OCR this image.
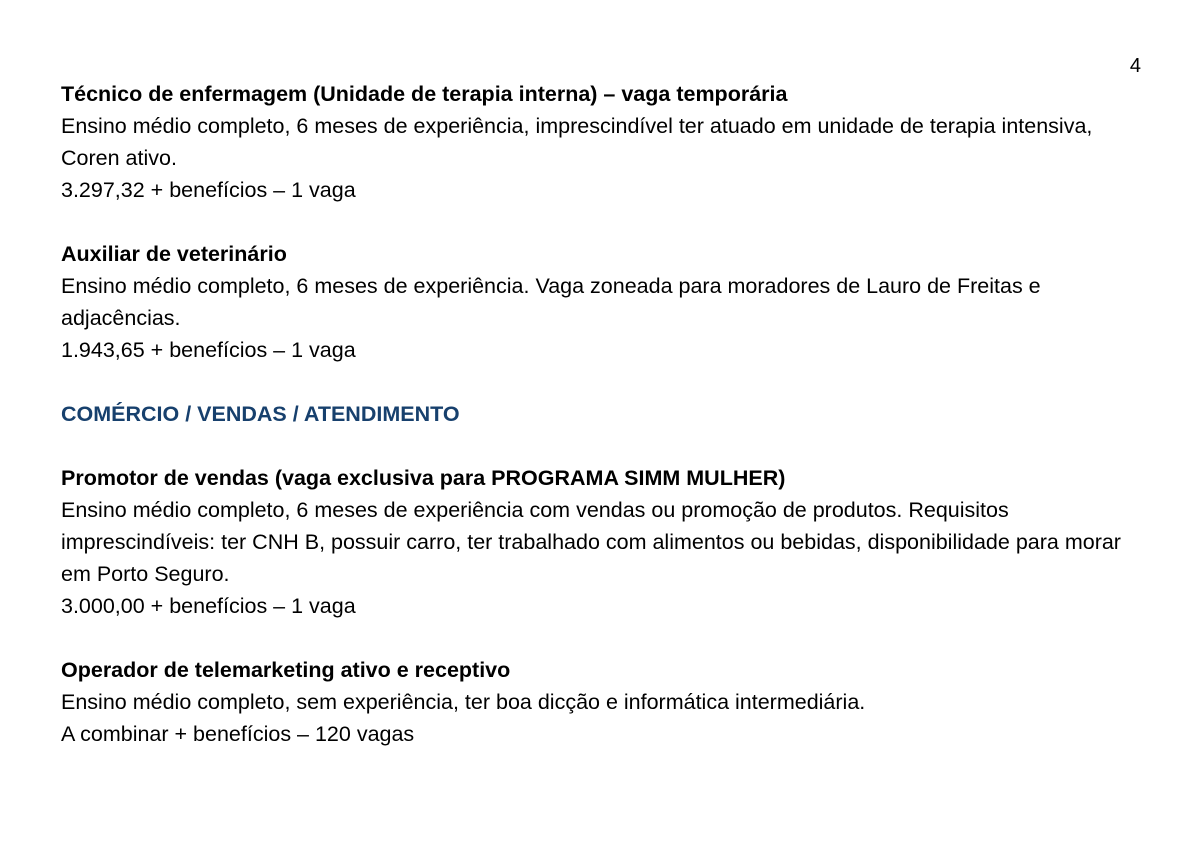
4
Técnico de enfermagem (Unidade de terapia interna) – vaga temporária
Ensino médio completo, 6 meses de experiência, imprescindível ter atuado em unidade de terapia intensiva, Coren ativo.
3.297,32 + benefícios – 1 vaga
Auxiliar de veterinário
Ensino médio completo, 6 meses de experiência. Vaga zoneada para moradores de Lauro de Freitas e adjacências.
1.943,65 + benefícios – 1 vaga
COMÉRCIO / VENDAS / ATENDIMENTO
Promotor de vendas (vaga exclusiva para PROGRAMA SIMM MULHER)
Ensino médio completo, 6 meses de experiência com vendas ou promoção de produtos. Requisitos imprescindíveis: ter CNH B, possuir carro, ter trabalhado com alimentos ou bebidas, disponibilidade para morar em Porto Seguro.
3.000,00 + benefícios – 1 vaga
Operador de telemarketing ativo e receptivo
Ensino médio completo, sem experiência, ter boa dicção e informática intermediária.
A combinar + benefícios – 120 vagas
